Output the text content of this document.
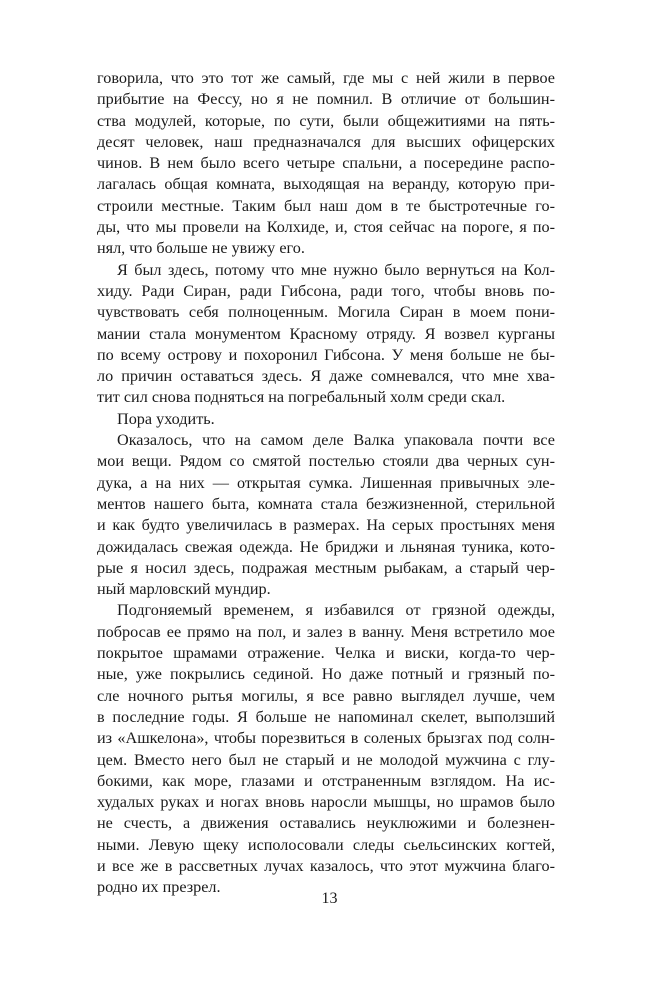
говорила, что это тот же самый, где мы с ней жили в первое
прибытие на Фессу, но я не помнил. В отличие от большин-
ства модулей, которые, по сути, были общежитиями на пять-
десят человек, наш предназначался для высших офицерских
чинов. В нем было всего четыре спальни, а посередине распо-
лагалась общая комната, выходящая на веранду, которую при-
строили местные. Таким был наш дом в те быстротечные го-
ды, что мы провели на Колхиде, и, стоя сейчас на пороге, я по-
нял, что больше не увижу его.
Я был здесь, потому что мне нужно было вернуться на Кол-
хиду. Ради Сиран, ради Гибсона, ради того, чтобы вновь по-
чувствовать себя полноценным. Могила Сиран в моем пони-
мании стала монументом Красному отряду. Я возвел курганы
по всему острову и похоронил Гибсона. У меня больше не бы-
ло причин оставаться здесь. Я даже сомневался, что мне хва-
тит сил снова подняться на погребальный холм среди скал.
Пора уходить.
Оказалось, что на самом деле Валка упаковала почти все
мои вещи. Рядом со смятой постелью стояли два черных сун-
дука, а на них — открытая сумка. Лишенная привычных эле-
ментов нашего быта, комната стала безжизненной, стерильной
и как будто увеличилась в размерах. На серых простынях меня
дожидалась свежая одежда. Не бриджи и льняная туника, кото-
рые я носил здесь, подражая местным рыбакам, а старый чер-
ный марловский мундир.
Подгоняемый временем, я избавился от грязной одежды,
побросав ее прямо на пол, и залез в ванну. Меня встретило мое
покрытое шрамами отражение. Челка и виски, когда-то чер-
ные, уже покрылись сединой. Но даже потный и грязный по-
сле ночного рытья могилы, я все равно выглядел лучше, чем
в последние годы. Я больше не напоминал скелет, выползший
из «Ашкелона», чтобы порезвиться в соленых брызгах под солн-
цем. Вместо него был не старый и не молодой мужчина с глу-
бокими, как море, глазами и отстраненным взглядом. На ис-
худалых руках и ногах вновь наросли мышцы, но шрамов было
не счесть, а движения оставались неуклюжими и болезнен-
ными. Левую щеку исполосовали следы сьельсинских когтей,
и все же в рассветных лучах казалось, что этот мужчина благо-
родно их презрел.
13
